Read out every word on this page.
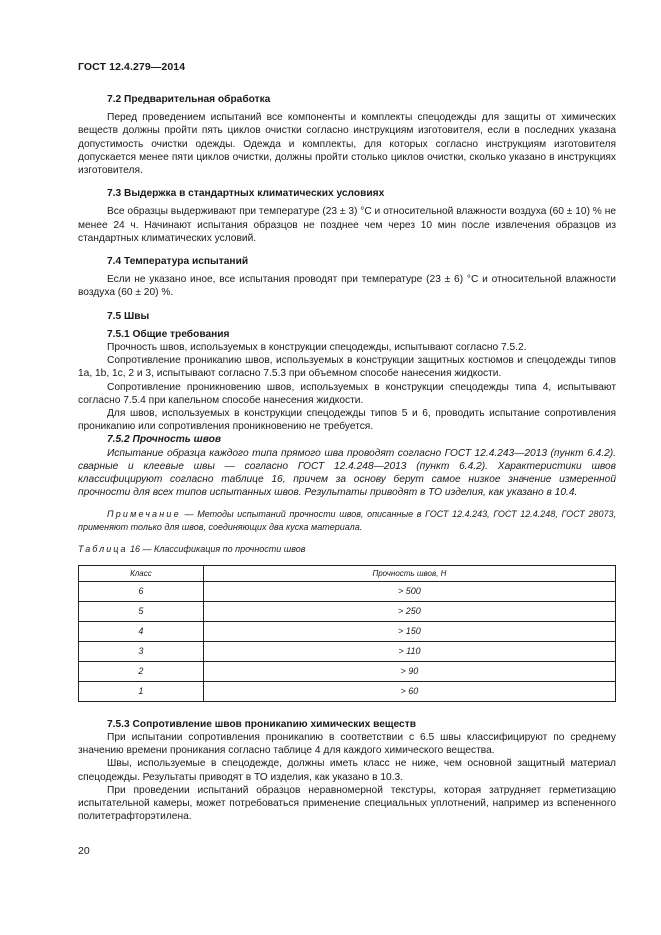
ГОСТ 12.4.279—2014
7.2 Предварительная обработка

Перед проведением испытаний все компоненты и комплекты спецодежды для защиты от химических веществ должны пройти пять циклов очистки согласно инструкциям изготовителя, если в последних указана допустимость очистки одежды. Одежда и комплекты, для которых согласно инструкциям изготовителя допускается менее пяти циклов очистки, должны пройти столько циклов очистки, сколько указано в инструкциях изготовителя.

7.3 Выдержка в стандартных климатических условиях

Все образцы выдерживают при температуре (23 ± 3) °C и относительной влажности воздуха (60 ± 10) % не менее 24 ч. Начинают испытания образцов не позднее чем через 10 мин после извлечения образцов из стандартных климатических условий.

7.4 Температура испытаний

Если не указано иное, все испытания проводят при температуре (23 ± 6) °C и относительной влажности воздуха (60 ± 20) %.

7.5 Швы
7.5.1 Общие требования

Прочность швов, используемых в конструкции спецодежды, испытывают согласно 7.5.2.

Сопротивление проникanию швов, используемых в конструкции защитных костюмов и спецодежды типов 1a, 1b, 1c, 2 и 3, испытывают согласно 7.5.3 при объемном способе нанесения жидкости.

Сопротивление проникновению швов, используемых в конструкции спецодежды типа 4, испытывают согласно 7.5.4 при капельном способе нанесения жидкости.

Для швов, используемых в конструкции спецодежды типов 5 и 6, проводить испытание сопротивления проникanию или сопротивления проникновению не требуется.

7.5.2 Прочность швов

Испытание образца каждого типа прямого шва проводят согласно ГОСТ 12.4.243—2013 (пункт 6.4.2). сварные и клеевые швы — согласно ГОСТ 12.4.248—2013 (пункт 6.4.2). Характеристики швов классифицируют согласно таблице 16, причем за основу берут самое низкое значение измеренной прочности для всех типов испытанных швов. Результаты приводят в ТО изделия, как указано в 10.4.

Примечание — Методы испытаний прочности швов, описанные в ГОСТ 12.4.243, ГОСТ 12.4.248, ГОСТ 28073, применяют только для швов, соединяющих два куска материала.
Таблица 16 — Классификация по прочности швов
Класс	Прочность швов, Н
6	> 500
5	> 250
4	> 150
3	> 110
2	> 90
1	> 60
7.5.3 Сопротивление швов проникanию химических веществ

При испытании сопротивления проникanию в соответствии с 6.5 швы классифицируют по среднему значению времени проникания согласно таблице 4 для каждого химического вещества.

Швы, используемые в спецодежде, должны иметь класс не ниже, чем основной защитный материал спецодежды. Результаты приводят в ТО изделия, как указано в 10.3.

При проведении испытаний образцов неравномерной текстуры, которая затрудняет герметизацию испытательной камеры, может потребоваться применение специальных уплотнений, например из вспененного политетрафторэтилена.

20
